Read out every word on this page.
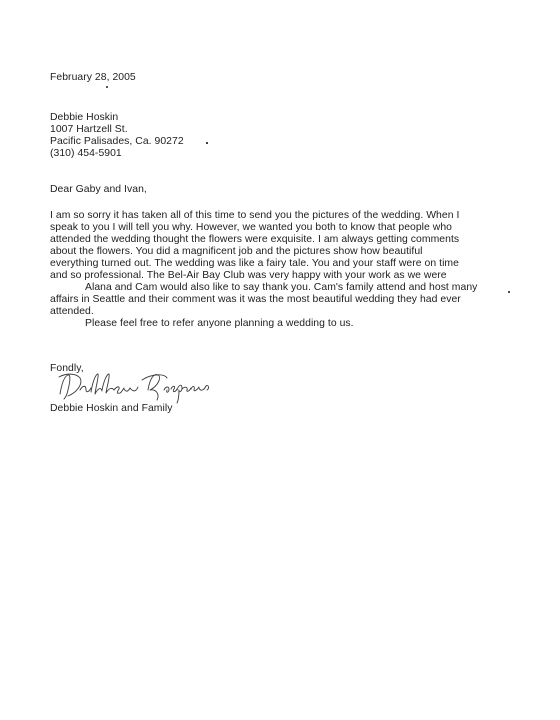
February 28, 2005
Debbie Hoskin
1007 Hartzell St.
Pacific Palisades, Ca. 90272
(310) 454-5901
Dear Gaby and Ivan,
I am so sorry it has taken all of this time to send you the pictures of the wedding. When I
speak to you I will tell you why. However, we wanted you both to know that people who
attended the wedding thought the flowers were exquisite. I am always getting comments
about the flowers. You did a magnificent job and the pictures show how beautiful
everything turned out. The wedding was like a fairy tale. You and your staff were on time
and so professional. The Bel-Air Bay Club was very happy with your work as we were
Alana and Cam would also like to say thank you. Cam's family attend and host many
affairs in Seattle and their comment was it was the most beautiful wedding they had ever
attended.
Please feel free to refer anyone planning a wedding to us.
Fondly,
Debbie Hoskin and Family
